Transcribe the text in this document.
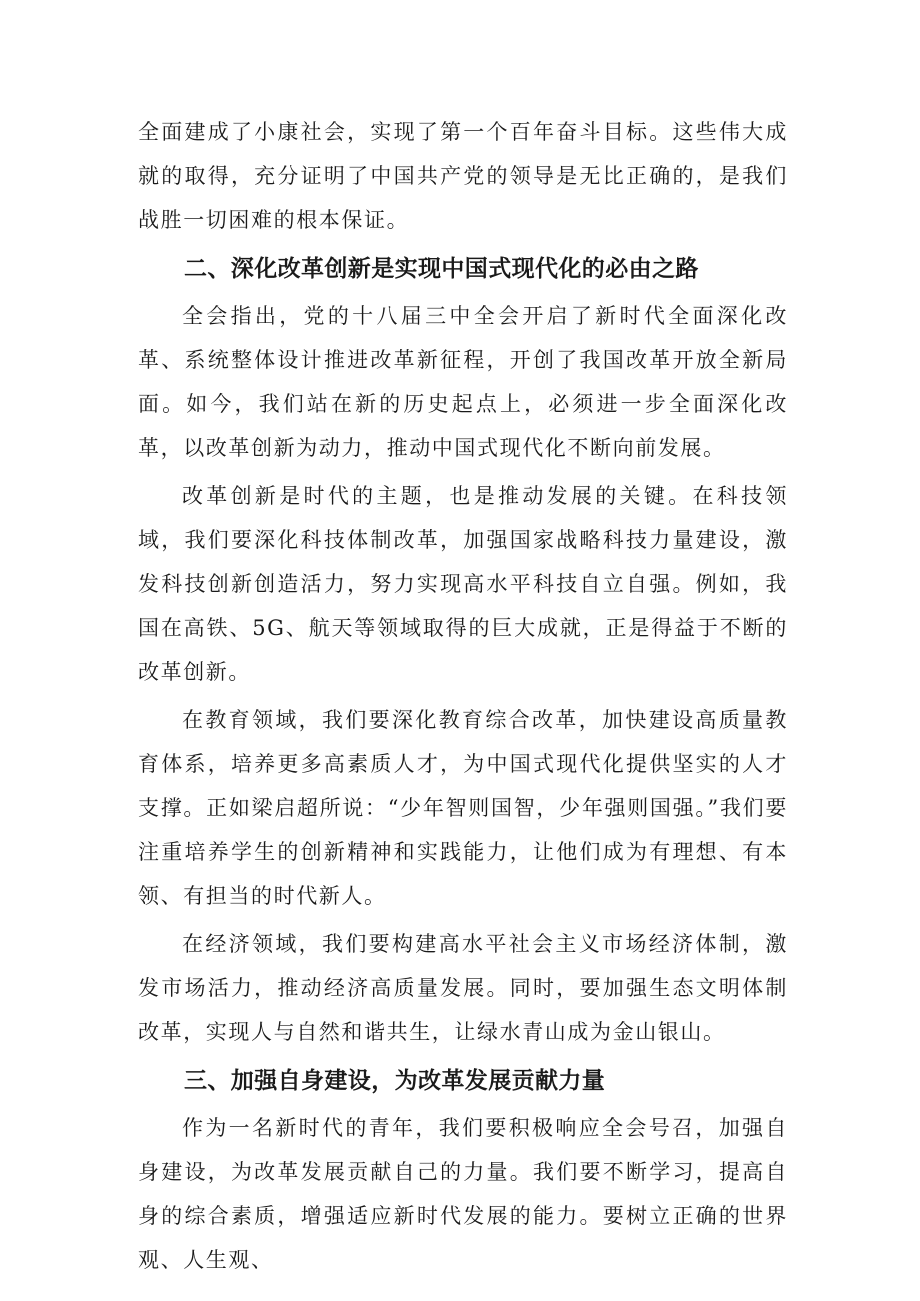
全面建成了小康社会，实现了第一个百年奋斗目标。这些伟大成就的取得，充分证明了中国共产党的领导是无比正确的，是我们战胜一切困难的根本保证。

二、深化改革创新是实现中国式现代化的必由之路

全会指出，党的十八届三中全会开启了新时代全面深化改革、系统整体设计推进改革新征程，开创了我国改革开放全新局面。如今，我们站在新的历史起点上，必须进一步全面深化改革，以改革创新为动力，推动中国式现代化不断向前发展。

改革创新是时代的主题，也是推动发展的关键。在科技领域，我们要深化科技体制改革，加强国家战略科技力量建设，激发科技创新创造活力，努力实现高水平科技自立自强。例如，我国在高铁、5G、航天等领域取得的巨大成就，正是得益于不断的改革创新。

在教育领域，我们要深化教育综合改革，加快建设高质量教育体系，培养更多高素质人才，为中国式现代化提供坚实的人才支撑。正如梁启超所说：“少年智则国智，少年强则国强。”我们要注重培养学生的创新精神和实践能力，让他们成为有理想、有本领、有担当的时代新人。

在经济领域，我们要构建高水平社会主义市场经济体制，激发市场活力，推动经济高质量发展。同时，要加强生态文明体制改革，实现人与自然和谐共生，让绿水青山成为金山银山。

三、加强自身建设，为改革发展贡献力量

作为一名新时代的青年，我们要积极响应全会号召，加强自身建设，为改革发展贡献自己的力量。我们要不断学习，提高自身的综合素质，增强适应新时代发展的能力。要树立正确的世界观、人生观、
